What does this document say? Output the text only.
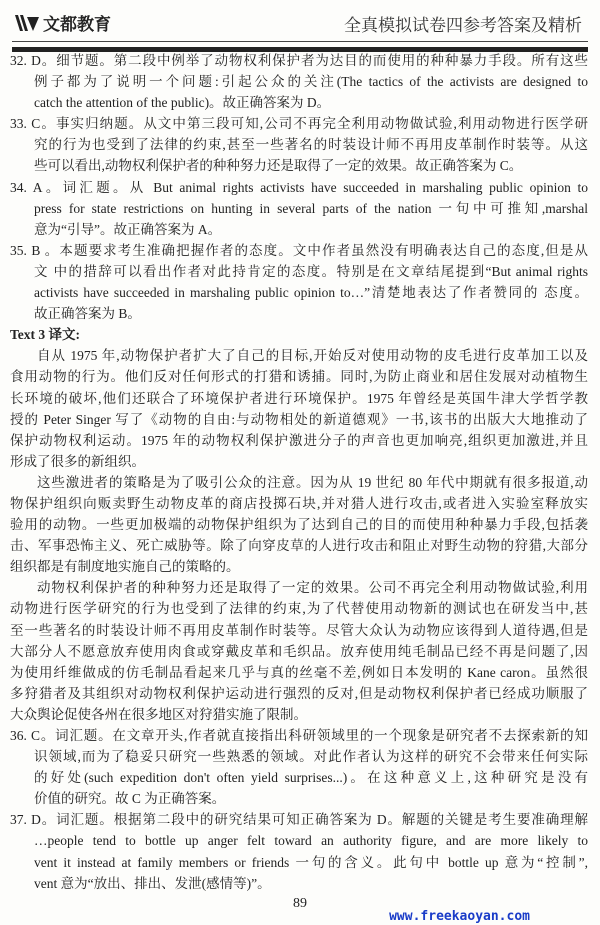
文都教育	全真模拟试卷四参考答案及精析
32. D。细节题。第二段中例举了动物权利保护者为达目的而使用的种种暴力手段。所有这些
例子都为了说明一个问题:引起公众的关注(The tactics of the activists are designed to
catch the attention of the public)。故正确答案为 D。
33. C。事实归纳题。从文中第三段可知,公司不再完全利用动物做试验,利用动物进行医学研
究的行为也受到了法律的约束,甚至一些著名的时装设计师不再用皮革制作时装等。从这
些可以看出,动物权利保护者的种种努力还是取得了一定的效果。故正确答案为 C。
34. A。词汇题。从 But animal rights activists have succeeded in marshaling public opinion to
press for state restrictions on hunting in several parts of the nation 一句中可推知,marshal
意为“引导”。故正确答案为 A。
35. B 。本题要求考生准确把握作者的态度。文中作者虽然没有明确表达自己的态度,但是从
文 中的措辞可以看出作者对此持肯定的态度。特别是在文章结尾提到“But animal rights
activists have succeeded in marshaling public opinion to…”清楚地表达了作者赞同的 态度。
故正确答案为 B。
Text 3 译文:
自从 1975 年,动物保护者扩大了自己的目标,开始反对使用动物的皮毛进行皮革加工以及
食用动物的行为。他们反对任何形式的打猎和诱捕。同时,为防止商业和居住发展对动植物生
长环境的破坏,他们还联合了环境保护者进行环境保护。1975 年曾经是英国牛津大学哲学教
授的 Peter Singer 写了《动物的自由:与动物相处的新道德观》一书,该书的出版大大地推动了
保护动物权利运动。1975 年的动物权利保护激进分子的声音也更加响亮,组织更加激进,并且
形成了很多的新组织。
这些激进者的策略是为了吸引公众的注意。因为从 19 世纪 80 年代中期就有很多报道,动
物保护组织向贩卖野生动物皮革的商店投掷石块,并对猎人进行攻击,或者进入实验室释放实
验用的动物。一些更加极端的动物保护组织为了达到自己的目的而使用种种暴力手段,包括袭
击、军事恐怖主义、死亡威胁等。除了向穿皮草的人进行攻击和阻止对野生动物的狩猎,大部分
组织都是有制度地实施自己的策略的。
动物权利保护者的种种努力还是取得了一定的效果。公司不再完全利用动物做试验,利用
动物进行医学研究的行为也受到了法律的约束,为了代替使用动物新的测试也在研发当中,甚
至一些著名的时装设计师不再用皮革制作时装等。尽管大众认为动物应该得到人道待遇,但是
大部分人不愿意放弃使用肉食或穿戴皮革和毛织品。放弃使用纯毛制品已经不再是问题了,因
为使用纤维做成的仿毛制品看起来几乎与真的丝毫不差,例如日本发明的 Kane caron。虽然很
多狩猎者及其组织对动物权利保护运动进行强烈的反对,但是动物权利保护者已经成功顺服了
大众舆论促使各州在很多地区对狩猎实施了限制。
36. C。词汇题。在文章开头,作者就直接指出科研领域里的一个现象是研究者不去探索新的知
识领域,而为了稳妥只研究一些熟悉的领域。对此作者认为这样的研究不会带来任何实际
的好处(such expedition don't often yield surprises...)。在这种意义上,这种研究是没有
价值的研究。故 C 为正确答案。
37. D。词汇题。根据第二段中的研究结果可知正确答案为 D。解题的关键是考生要准确理解
…people tend to bottle up anger felt toward an authority figure, and are more likely to
vent it instead at family members or friends 一句的含义。此句中 bottle up 意为“控制”,
vent 意为“放出、排出、发泄(感情等)”。
89
www.freekaoyan.com
